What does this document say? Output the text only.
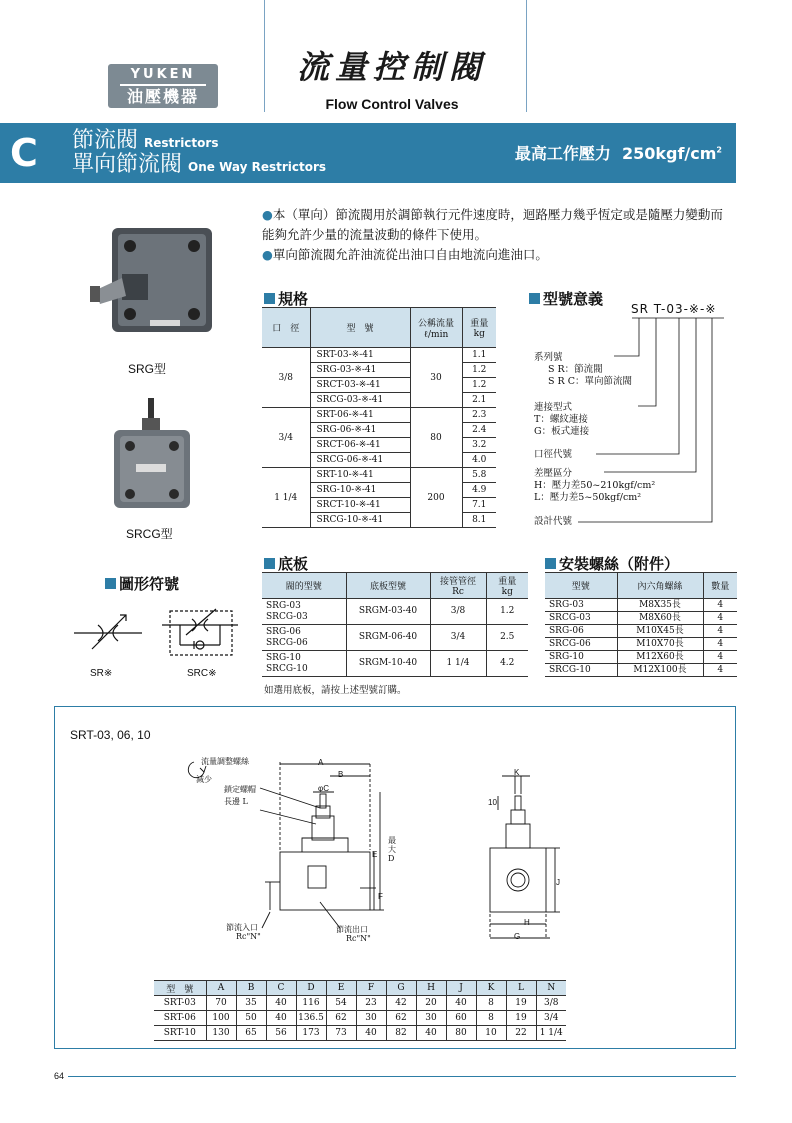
YUKEN
油壓機器
流量控制閥
Flow Control Valves
C 節流閥 Restrictors
單向節流閥 One Way Restrictors
最高工作壓力 $250kgf/cm^2$

●本（單向）節流閥用於調節執行元件速度時，迴路壓力幾乎恆定或是隨壓力變動而能夠允許少量的流量波動的條件下使用。

●單向節流閥允許油流從出油口自由地流向進油口。

SRG型
SRCG型
圖形符號
SR※	SRC※
規格
口　徑	型　號	公稱流量
ℓ/min	重量
kg
3/8	SRT-03-※-41	30	1.1
	SRG-03-※-41		1.2
	SRCT-03-※-41		1.2
	SRCG-03-※-41		2.1
3/4	SRT-06-※-41	80	2.3
	SRG-06-※-41		2.4
	SRCT-06-※-41		3.2
	SRCG-06-※-41		4.0
1 1/4	SRT-10-※-41	200	5.8
	SRG-10-※-41		4.9
	SRCT-10-※-41		7.1
	SRCG-10-※-41		8.1
型號意義
SR T-03-※-※
系列號
S R：節流閥
S R C：單向節流閥
連接型式
T：螺紋連接
G：板式連接
口徑代號
差壓區分
H：壓力差50~210kgf/cm²
L：壓力差5~50kgf/cm²
設計代號
底板
閥的型號	底板型號	接管管徑
Rc	重量
kg

SRG-03
SRCG-03	SRGM-03-40	3/8	1.2

SRG-06
SRCG-06	SRGM-06-40	3/4	2.5

SRG-10
SRCG-10	SRGM-10-40	1 1/4	4.2
如選用底板，請按上述型號訂購。
安裝螺絲（附件）
型號	內六角螺絲	數量
SRG-03	M8X35長	4
SRCG-03	M8X60長	4
SRG-06	M10X45長	4
SRCG-06	M10X70長	4
SRG-10	M12X60長	4
SRCG-10	M12X100長	4
SRT-03, 06, 10
流量調整螺絲
減少
鎖定螺帽
長邊 L
A
B
φC
E
最大D
F
節流入口
Rc"N"
節流出口
Rc"N"
K
10
J
H
G
型　號	A	B	C	D	E	F	G	H	J	K	L	N
SRT-03	70	35	40	116	54	23	42	20	40	8	19	3/8
SRT-06	100	50	40	136.5	62	30	62	30	60	8	19	3/4
SRT-10	130	65	56	173	73	40	82	40	80	10	22	1 1/4
64
